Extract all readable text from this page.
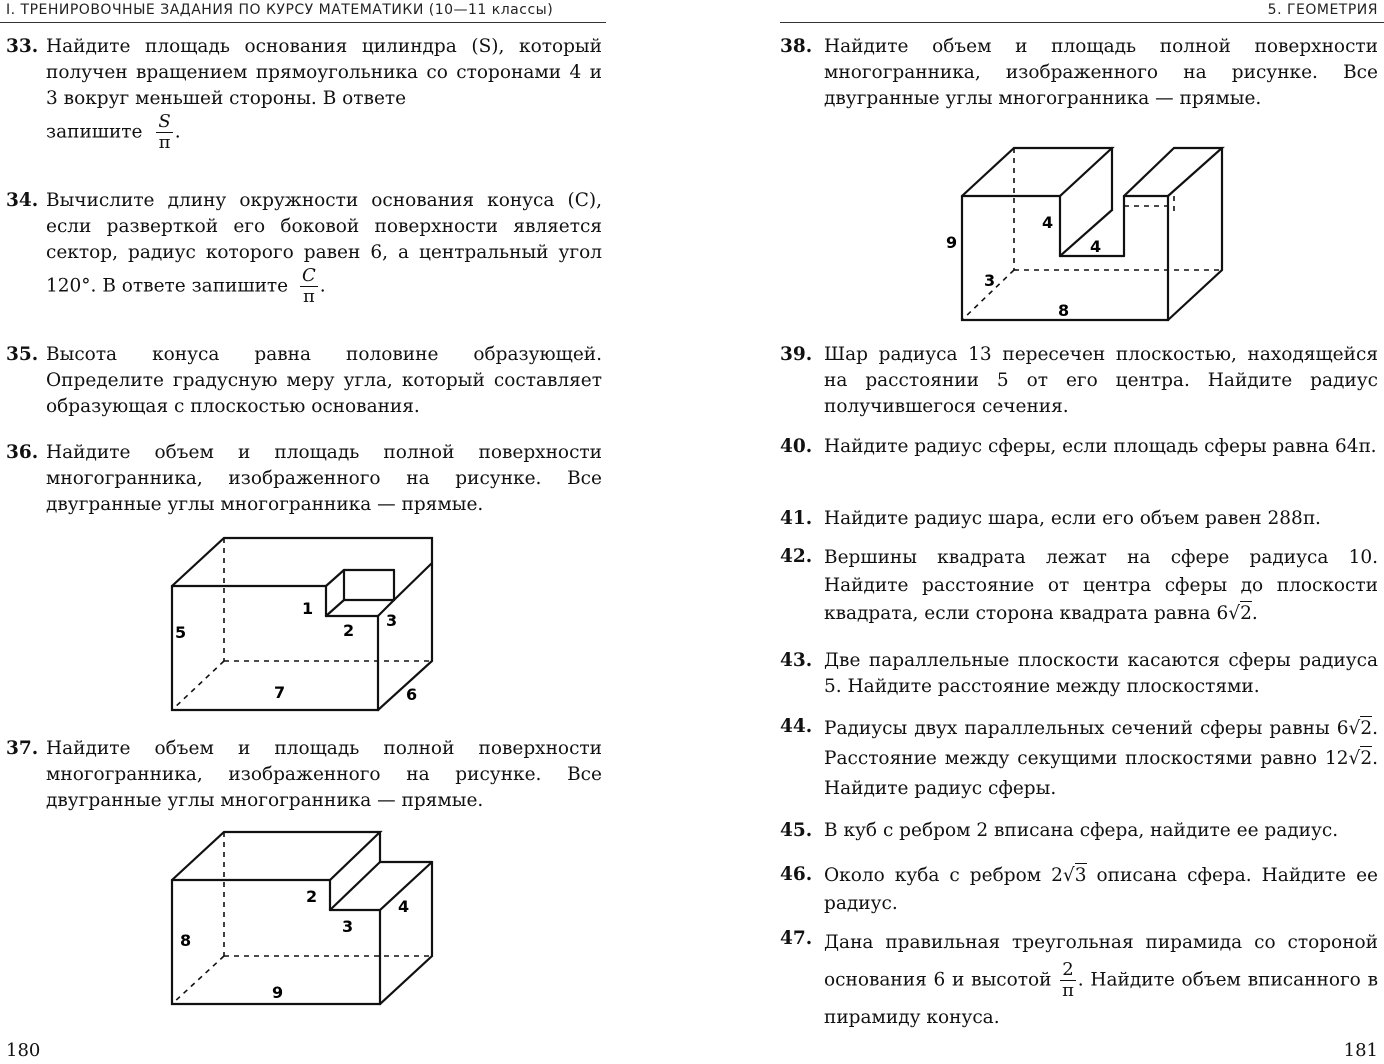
I. ТРЕНИРОВОЧНЫЕ ЗАДАНИЯ ПО КУРСУ МАТЕМАТИКИ (10—11 классы)	5. ГЕОМЕТРИЯ
33. Найдите площадь основания цилиндра (S), который получен вращением прямоугольника со сторонами 4 и 3 вокруг меньшей стороны. В ответе
запишите $\frac{S}{\pi}$ .
34. Вычислите длину окружности основания конуса (C), если разверткой его боковой поверхности является сектор, радиус которого равен 6, а центральный угол 120°. В ответе запишите $\frac{C}{\pi}$ .
35. Высота конуса равна половине образующей. Определите градусную меру угла, который составляет образующая с плоскостью основания.
36. Найдите объем и площадь полной поверхности многогранника, изображенного на рисунке. Все двугранные углы многогранника — прямые.
1
2
3
5
7	6
37. Найдите объем и площадь полной поверхности многогранника, изображенного на рисунке. Все двугранные углы многогранника — прямые.
2
3
4
8
9
180
38. Найдите объем и площадь полной поверхности многогранника, изображенного на рисунке. Все двугранные углы многогранника — прямые.
4
4
9
3
8
39. Шар радиуса 13 пересечен плоскостью, находящейся на расстоянии 5 от его центра. Найдите радиус получившегося сечения.
40. Найдите радиус сферы, если площадь сферы равна 64π.
41. Найдите радиус шара, если его объем равен 288π.
42. Вершины квадрата лежат на сфере радиуса 10. Найдите расстояние от центра сферы до плоскости квадрата, если сторона квадрата равна 6√2.
43. Две параллельные плоскости касаются сферы радиуса 5. Найдите расстояние между плоскостями.
44. Радиусы двух параллельных сечений сферы равны 6√2. Расстояние между секущими плоскостями равно 12√2. Найдите радиус сферы.
45. В куб с ребром 2 вписана сфера, найдите ее радиус.
46. Около куба с ребром 2√3 описана сфера. Найдите ее радиус.
47. Дана правильная треугольная пирамида со стороной основания 6 и высотой $\frac{2}{\pi}$ . Найдите объем вписанного в пирамиду конуса.
181
